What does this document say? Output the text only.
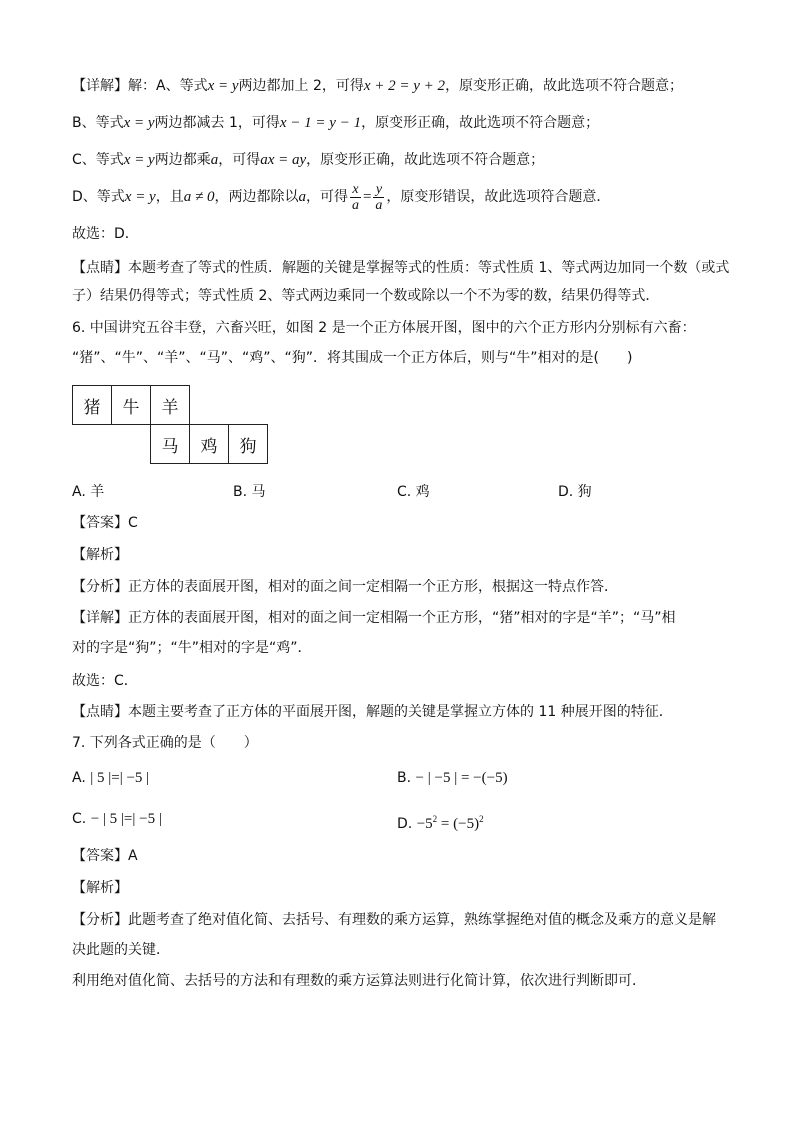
【详解】解：A、等式x = y两边都加上 2，可得x + 2 = y + 2，原变形正确，故此选项不符合题意；
B、等式x = y两边都减去 1，可得x − 1 = y − 1，原变形正确，故此选项不符合题意；
C、等式x = y两边都乘a，可得ax = ay，原变形正确，故此选项不符合题意；
D、等式x = y，且a ≠ 0，两边都除以a，可得 $\frac{x}{a} = \frac{y}{a}$ ，原变形错误，故此选项符合题意．
故选：D．
【点睛】本题考查了等式的性质．解题的关键是掌握等式的性质：等式性质 1、等式两边加同一个数（或式
子）结果仍得等式；等式性质 2、等式两边乘同一个数或除以一个不为零的数，结果仍得等式．
6. 中国讲究五谷丰登，六畜兴旺，如图 2 是一个正方体展开图，图中的六个正方形内分别标有六畜：
“猪”、“牛”、“羊”、“马”、“鸡”、“狗”．将其围成一个正方体后，则与“牛”相对的是(　　)
猪	牛	羊
马	鸡	狗
A. 羊	B. 马	C. 鸡	D. 狗
【答案】C
【解析】
【分析】正方体的表面展开图，相对的面之间一定相隔一个正方形，根据这一特点作答．
【详解】正方体的表面展开图，相对的面之间一定相隔一个正方形，“猪”相对的字是“羊”；“马”相
对的字是“狗”；“牛”相对的字是“鸡”．
故选：C．
【点睛】本题主要考查了正方体的平面展开图，解题的关键是掌握立方体的 11 种展开图的特征．
7. 下列各式正确的是（　　）
A. | 5 |=| −5 |	B. − | −5 | = −(−5)
C. − | 5 |=| −5 |	D. $-5^2 = (-5)^2$
【答案】A
【解析】
【分析】此题考查了绝对值化简、去括号、有理数的乘方运算，熟练掌握绝对值的概念及乘方的意义是解
决此题的关键．
利用绝对值化简、去括号的方法和有理数的乘方运算法则进行化简计算，依次进行判断即可．
